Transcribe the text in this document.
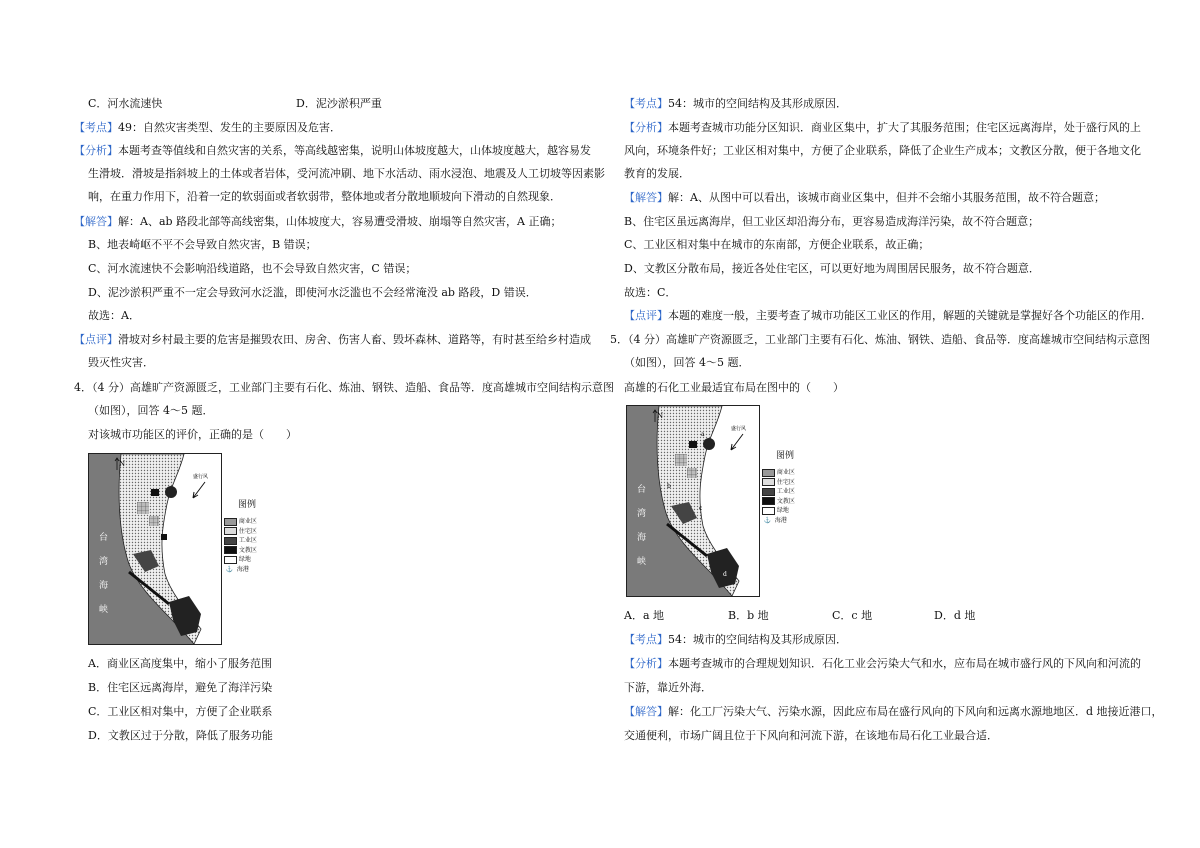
C．河水流速快	D．泥沙淤积严重
【考点】49：自然灾害类型、发生的主要原因及危害．
【分析】本题考查等值线和自然灾害的关系，等高线越密集，说明山体坡度越大，山体坡度越大，越容易发
生滑坡．滑坡是指斜坡上的土体或者岩体，受河流冲刷、地下水活动、雨水浸泡、地震及人工切坡等因素影
响，在重力作用下，沿着一定的软弱面或者软弱带，整体地或者分散地顺坡向下滑动的自然现象．
【解答】解：A、ab 路段北部等高线密集，山体坡度大，容易遭受滑坡、崩塌等自然灾害，A 正确；
B、地表崎岖不平不会导致自然灾害，B 错误；
C、河水流速快不会影响沿线道路，也不会导致自然灾害，C 错误；
D、泥沙淤积严重不一定会导致河水泛滥，即使河水泛滥也不会经常淹没 ab 路段，D 错误．
故选：A．
【点评】滑坡对乡村最主要的危害是摧毁农田、房舍、伤害人畜、毁坏森林、道路等，有时甚至给乡村造成
毁灭性灾害．
4．（4 分）高雄旷产资源匮乏，工业部门主要有石化、炼油、钢铁、造船、食品等．度高雄城市空间结构示意图
（如图），回答 4～5 题．
对该城市功能区的评价，正确的是（　　）
N
盛行风
台
湾
海
峡
图例
商业区
住宅区
工业区
文教区
绿地
⚓ 海港
A．商业区高度集中，缩小了服务范围
B．住宅区远离海岸，避免了海洋污染
C．工业区相对集中，方便了企业联系
D．文教区过于分散，降低了服务功能
【考点】54：城市的空间结构及其形成原因．
【分析】本题考查城市功能分区知识．商业区集中，扩大了其服务范围；住宅区远离海岸，处于盛行风的上
风向，环境条件好；工业区相对集中，方便了企业联系，降低了企业生产成本；文教区分散，便于各地文化
教育的发展．
【解答】解：A、从图中可以看出，该城市商业区集中，但并不会缩小其服务范围，故不符合题意；
B、住宅区虽远离海岸，但工业区却沿海分布，更容易造成海洋污染，故不符合题意；
C、工业区相对集中在城市的东南部，方便企业联系，故正确；
D、文教区分散布局，接近各处住宅区，可以更好地为周围居民服务，故不符合题意．
故选：C．
【点评】本题的难度一般，主要考查了城市功能区工业区的作用，解题的关键就是掌握好各个功能区的作用．
5．（4 分）高雄旷产资源匮乏，工业部门主要有石化、炼油、钢铁、造船、食品等．度高雄城市空间结构示意图
（如图），回答 4～5 题．
高雄的石化工业最适宜布局在图中的（　　）
N
盛行风
a
b
c
d
台
湾
海
峡
图例
商业区
住宅区
工业区
文教区
绿地
⚓ 海港
A．a 地	B．b 地	C．c 地	D．d 地
【考点】54：城市的空间结构及其形成原因．
【分析】本题考查城市的合理规划知识．石化工业会污染大气和水，应布局在城市盛行风的下风向和河流的
下游，靠近外海．
【解答】解：化工厂污染大气、污染水源，因此应布局在盛行风向的下风向和远离水源地地区．d 地接近港口，
交通便利，市场广阔且位于下风向和河流下游，在该地布局石化工业最合适．
